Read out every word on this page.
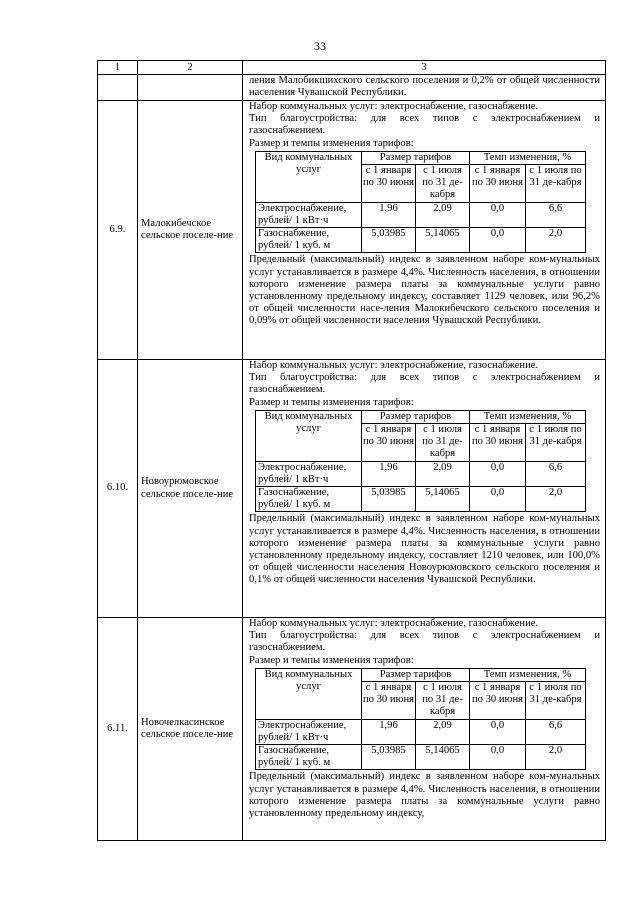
33
1	2	3

ления Малобикшихского сельского поселения и 0,2% от общей численности населения Чувашской Республики.

6.9.	Малокибечское сельское поселе-ние	
Набор коммунальных услуг: электроснабжение, газоснабжение.
Тип благоустройства: для всех типов с электроснабжением и газоснабжением.
Размер и темпы изменения тарифов:
Вид коммунальных услуг	Размер тарифов	Темп изменения, %
с 1 января по 30 июня	с 1 июля по 31 де-кабря	с 1 января по 30 июня	с 1 июля по 31 де-кабря
Электроснабжение, рублей/ 1 кВт·ч	1,96	2,09	0,0	6,6
Газоснабжение, рублей/ 1 куб. м	5,03985	5,14065	0,0	2,0
Предельный (максимальный) индекс в заявленном наборе ком-мунальных услуг устанавливается в размере 4,4%. Численность населения, в отношении которого изменение размера платы за коммунальные услуги равно установленному предельному индексу, составляет 1129 человек, или 96,2% от общей численности насе-ления Малокибечского сельского поселения и 0,09% от общей численности населения Чувашской Республики.

6.10.	Новоурюмовское сельское поселе-ние	
Набор коммунальных услуг: электроснабжение, газоснабжение.
Тип благоустройства: для всех типов с электроснабжением и газоснабжением.
Размер и темпы изменения тарифов:
Вид коммунальных услуг	Размер тарифов	Темп изменения, %
с 1 января по 30 июня	с 1 июля по 31 де-кабря	с 1 января по 30 июня	с 1 июля по 31 де-кабря
Электроснабжение, рублей/ 1 кВт·ч	1,96	2,09	0,0	6,6
Газоснабжение, рублей/ 1 куб. м	5,03985	5,14065	0,0	2,0
Предельный (максимальный) индекс в заявленном наборе ком-мунальных услуг устанавливается в размере 4,4%. Численность населения, в отношении которого изменение размера платы за коммунальные услуги равно установленному предельному индексу, составляет 1210 человек, или 100,0% от общей численности населения Новоурюмовского сельского поселения и 0,1% от общей численности населения Чувашской Республики.

6.11.	Новочелкасинское сельское поселе-ние	
Набор коммунальных услуг: электроснабжение, газоснабжение.
Тип благоустройства: для всех типов с электроснабжением и газоснабжением.
Размер и темпы изменения тарифов:
Вид коммунальных услуг	Размер тарифов	Темп изменения, %
с 1 января по 30 июня	с 1 июля по 31 де-кабря	с 1 января по 30 июня	с 1 июля по 31 де-кабря
Электроснабжение, рублей/ 1 кВт·ч	1,96	2,09	0,0	6,6
Газоснабжение, рублей/ 1 куб. м	5,03985	5,14065	0,0	2,0
Предельный (максимальный) индекс в заявленном наборе ком-мунальных услуг устанавливается в размере 4,4%. Численность населения, в отношении которого изменение размера платы за коммунальные услуги равно установленному предельному индексу,
